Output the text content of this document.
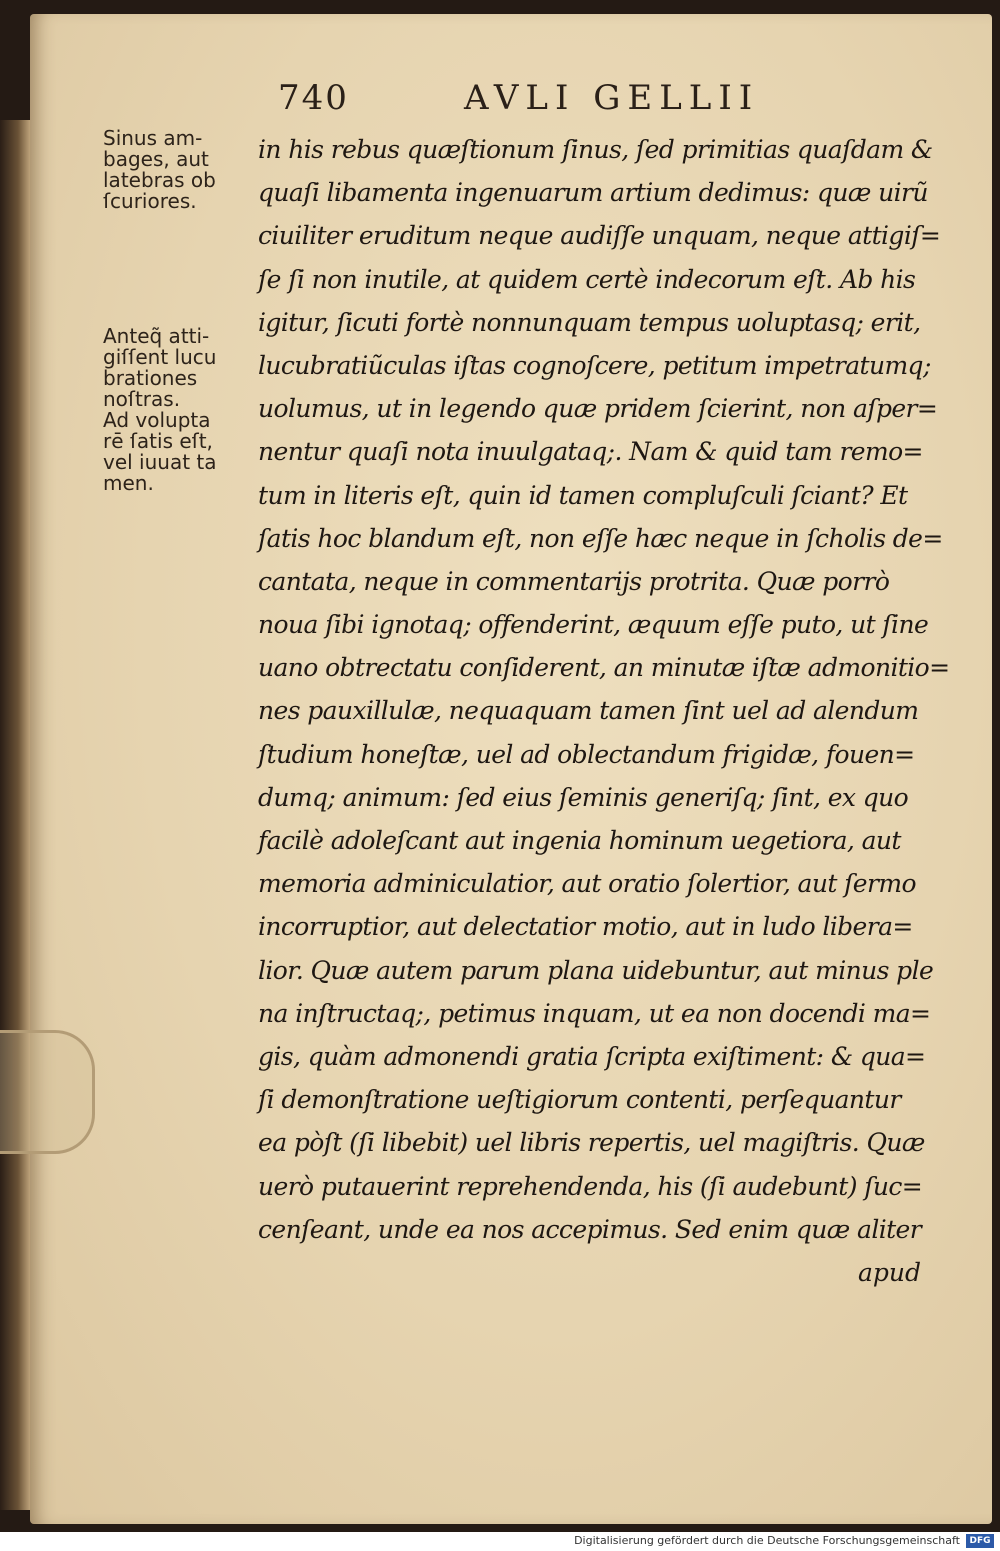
740	AVLI GELLII

Sinus am-
bages, aut
latebras ob
ſcuriores.

Anteq̃ atti-
giſſent lucu
brationes
noſtras.
Ad volupta
rē ſatis eſt,
vel iuuat ta
men.

in his rebus quæſtionum ſinus, ſed primitias quaſdam &
quaſi libamenta ingenuarum artium dedimus: quæ uirũ
ciuiliter eruditum neque audiſſe unquam, neque attigiſ=
ſe ſi non inutile, at quidem certè indecorum eſt. Ab his
igitur, ſicuti fortè nonnunquam tempus uoluptasq; erit,
lucubratiũculas iſtas cognoſcere, petitum impetratumq;
uolumus, ut in legendo quæ pridem ſcierint, non aſper=
nentur quaſi nota inuulgataq;. Nam & quid tam remo=
tum in literis eſt, quin id tamen compluſculi ſciant? Et
ſatis hoc blandum eſt, non eſſe hæc neque in ſcholis de=
cantata, neque in commentarijs protrita. Quæ porrò
noua ſibi ignotaq; offenderint, æquum eſſe puto, ut ſine
uano obtrectatu conſiderent, an minutæ iſtæ admonitio=
nes pauxillulæ, nequaquam tamen ſint uel ad alendum
ſtudium honeſtæ, uel ad oblectandum frigidæ, fouen=
dumq; animum: ſed eius ſeminis generiſq; ſint, ex quo
facilè adoleſcant aut ingenia hominum uegetiora, aut
memoria adminiculatior, aut oratio ſolertior, aut ſermo
incorruptior, aut delectatior motio, aut in ludo libera=
lior. Quæ autem parum plana uidebuntur, aut minus ple
na inſtructaq;, petimus inquam, ut ea non docendi ma=
gis, quàm admonendi gratia ſcripta exiſtiment: & qua=
ſi demonſtratione ueſtigiorum contenti, perſequantur
ea pòſt (ſi libebit) uel libris repertis, uel magiſtris. Quæ
uerò putauerint reprehendenda, his (ſi audebunt) ſuc=
cenſeant, unde ea nos accepimus. Sed enim quæ aliter
apud
Digitalisierung gefördert durch die Deutsche Forschungsgemeinschaft	DFG
